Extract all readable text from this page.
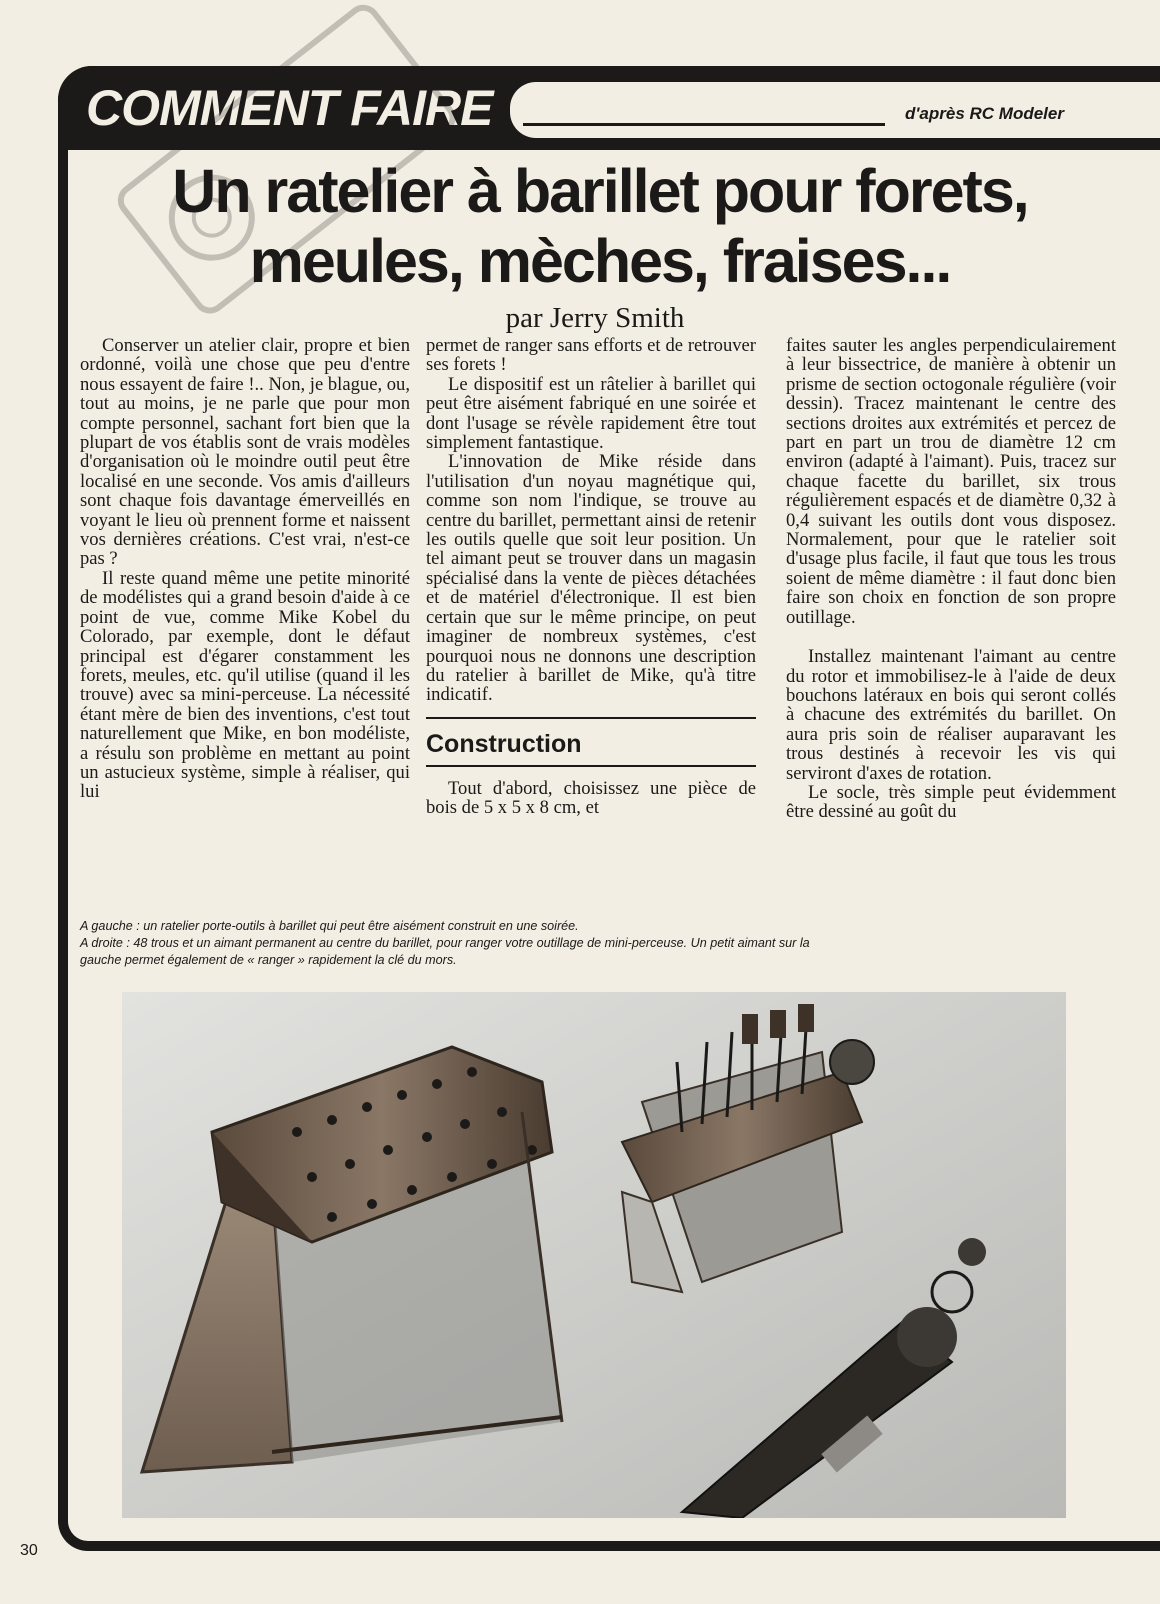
COMMENT FAIRE	d'après RC Modeler
Un ratelier à barillet pour forets,
meules, mèches, fraises...
par Jerry Smith

Conserver un atelier clair, propre et bien ordonné, voilà une chose que peu d'entre nous essayent de faire !.. Non, je blague, ou, tout au moins, je ne parle que pour mon compte personnel, sachant fort bien que la plupart de vos établis sont de vrais modèles d'organisation où le moindre outil peut être localisé en une seconde. Vos amis d'ailleurs sont chaque fois davantage émerveillés en voyant le lieu où prennent forme et naissent vos dernières créations. C'est vrai, n'est-ce pas ?

Il reste quand même une petite minorité de modélistes qui a grand besoin d'aide à ce point de vue, comme Mike Kobel du Colorado, par exemple, dont le défaut principal est d'égarer constamment les forets, meules, etc. qu'il utilise (quand il les trouve) avec sa mini-perceuse. La nécessité étant mère de bien des inventions, c'est tout naturellement que Mike, en bon modéliste, a résulu son problème en mettant au point un astucieux système, simple à réaliser, qui lui

permet de ranger sans efforts et de retrouver ses forets !

Le dispositif est un râtelier à barillet qui peut être aisément fabriqué en une soirée et dont l'usage se révèle rapidement être tout simplement fantastique.

L'innovation de Mike réside dans l'utilisation d'un noyau magnétique qui, comme son nom l'indique, se trouve au centre du barillet, permettant ainsi de retenir les outils quelle que soit leur position. Un tel aimant peut se trouver dans un magasin spécialisé dans la vente de pièces détachées et de matériel d'électronique. Il est bien certain que sur le même principe, on peut imaginer de nombreux systèmes, c'est pourquoi nous ne donnons une description du ratelier à barillet de Mike, qu'à titre indicatif.

Construction

Tout d'abord, choisissez une pièce de bois de 5 x 5 x 8 cm, et

faites sauter les angles perpendiculairement à leur bissectrice, de manière à obtenir un prisme de section octogonale régulière (voir dessin). Tracez maintenant le centre des sections droites aux extrémités et percez de part en part un trou de diamètre 12 cm environ (adapté à l'aimant). Puis, tracez sur chaque facette du barillet, six trous régulièrement espacés et de diamètre 0,32 à 0,4 suivant les outils dont vous disposez. Normalement, pour que le ratelier soit d'usage plus facile, il faut que tous les trous soient de même diamètre : il faut donc bien faire son choix en fonction de son propre outillage.

Installez maintenant l'aimant au centre du rotor et immobilisez-le à l'aide de deux bouchons latéraux en bois qui seront collés à chacune des extrémités du barillet. On aura pris soin de réaliser auparavant les trous destinés à recevoir les vis qui serviront d'axes de rotation.

Le socle, très simple peut évidemment être dessiné au goût du

A gauche : un ratelier porte-outils à barillet qui peut être aisément construit en une soirée.
A droite : 48 trous et un aimant permanent au centre du barillet, pour ranger votre outillage de mini-perceuse. Un petit aimant sur la
gauche permet également de « ranger » rapidement la clé du mors.
30
